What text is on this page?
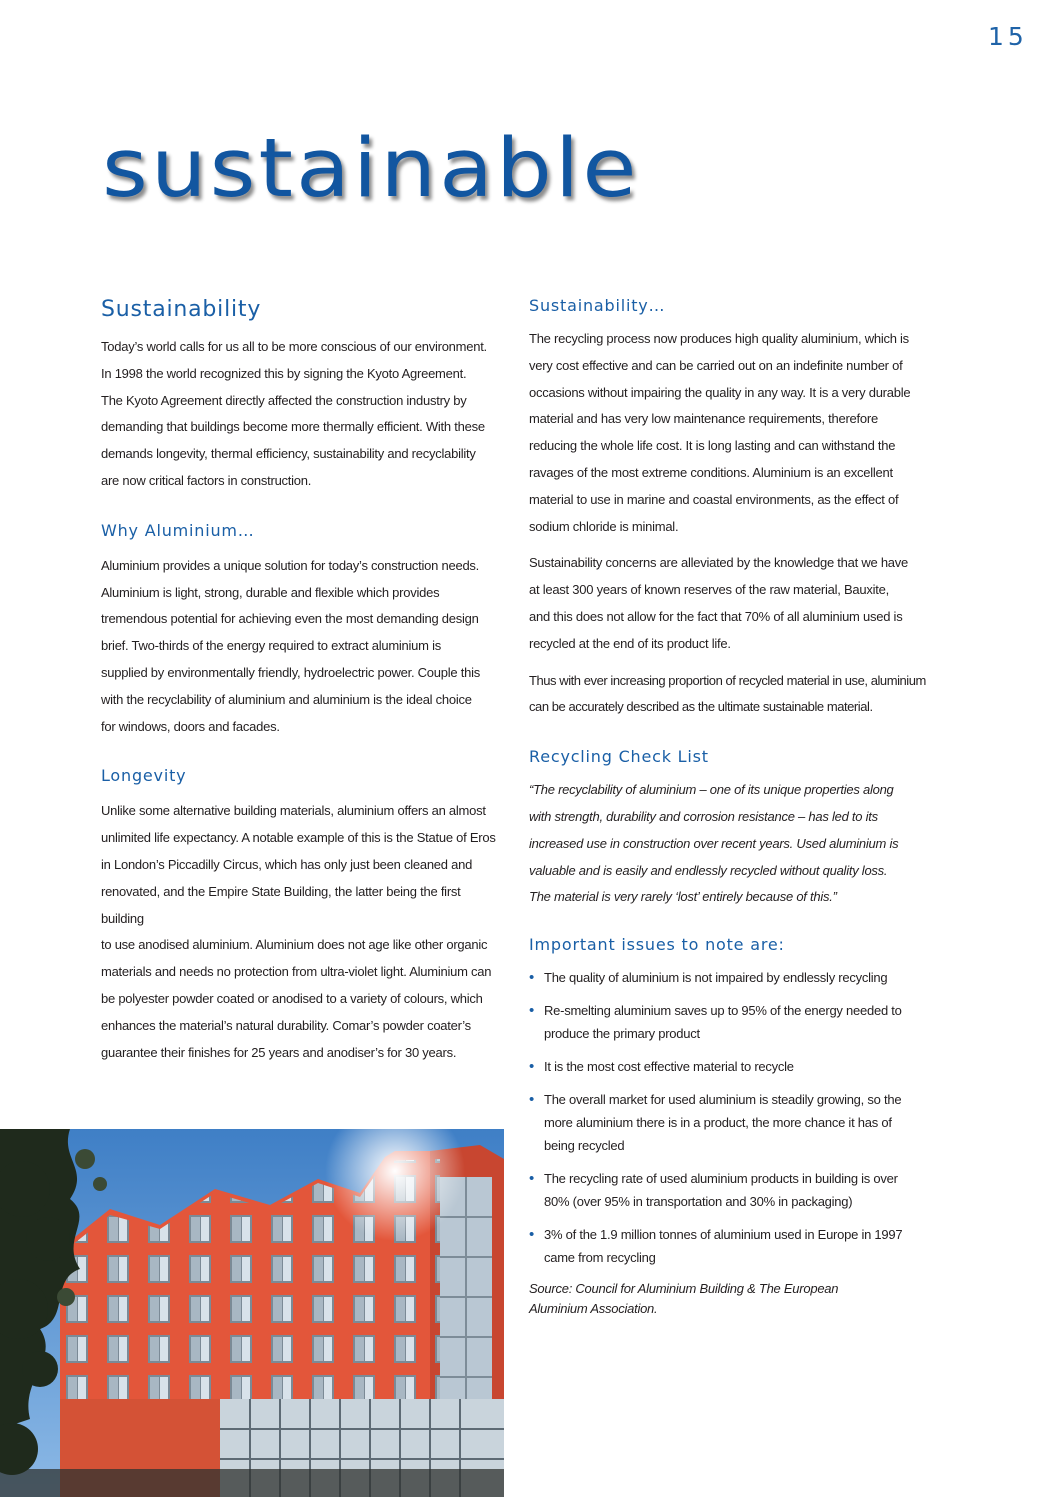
15
sustainable
Sustainability

Today’s world calls for us all to be more conscious of our environment.
In 1998 the world recognized this by signing the Kyoto Agreement.
The Kyoto Agreement directly affected the construction industry by
demanding that buildings become more thermally efficient. With these
demands longevity, thermal efficiency, sustainability and recyclability
are now critical factors in construction.

Why Aluminium…

Aluminium provides a unique solution for today’s construction needs.
Aluminium is light, strong, durable and flexible which provides
tremendous potential for achieving even the most demanding design
brief. Two-thirds of the energy required to extract aluminium is
supplied by environmentally friendly, hydroelectric power. Couple this
with the recyclability of aluminium and aluminium is the ideal choice
for windows, doors and facades.

Longevity

Unlike some alternative building materials, aluminium offers an almost
unlimited life expectancy. A notable example of this is the Statue of Eros
in London’s Piccadilly Circus, which has only just been cleaned and
renovated, and the Empire State Building, the latter being the first building
to use anodised aluminium. Aluminium does not age like other organic
materials and needs no protection from ultra-violet light. Aluminium can
be polyester powder coated or anodised to a variety of colours, which
enhances the material’s natural durability. Comar’s powder coater’s
guarantee their finishes for 25 years and anodiser’s for 30 years.

Sustainability…

The recycling process now produces high quality aluminium, which is
very cost effective and can be carried out on an indefinite number of
occasions without impairing the quality in any way. It is a very durable
material and has very low maintenance requirements, therefore
reducing the whole life cost. It is long lasting and can withstand the
ravages of the most extreme conditions. Aluminium is an excellent
material to use in marine and coastal environments, as the effect of
sodium chloride is minimal.

Sustainability concerns are alleviated by the knowledge that we have
at least 300 years of known reserves of the raw material, Bauxite,
and this does not allow for the fact that 70% of all aluminium used is
recycled at the end of its product life.

Thus with ever increasing proportion of recycled material in use, aluminium
can be accurately described as the ultimate sustainable material.

Recycling Check List

“The recyclability of aluminium – one of its unique properties along
with strength, durability and corrosion resistance – has led to its
increased use in construction over recent years. Used aluminium is
valuable and is easily and endlessly recycled without quality loss.
The material is very rarely ‘lost’ entirely because of this.”

Important issues to note are:
• The quality of aluminium is not impaired by endlessly recycling
• Re-smelting aluminium saves up to 95% of the energy needed to
produce the primary product
• It is the most cost effective material to recycle
• The overall market for used aluminium is steadily growing, so the
more aluminium there is in a product, the more chance it has of
being recycled
• The recycling rate of used aluminium products in building is over
80% (over 95% in transportation and 30% in packaging)
• 3% of the 1.9 million tonnes of aluminium used in Europe in 1997
came from recycling

Source: Council for Aluminium Building & The European
Aluminium Association.
